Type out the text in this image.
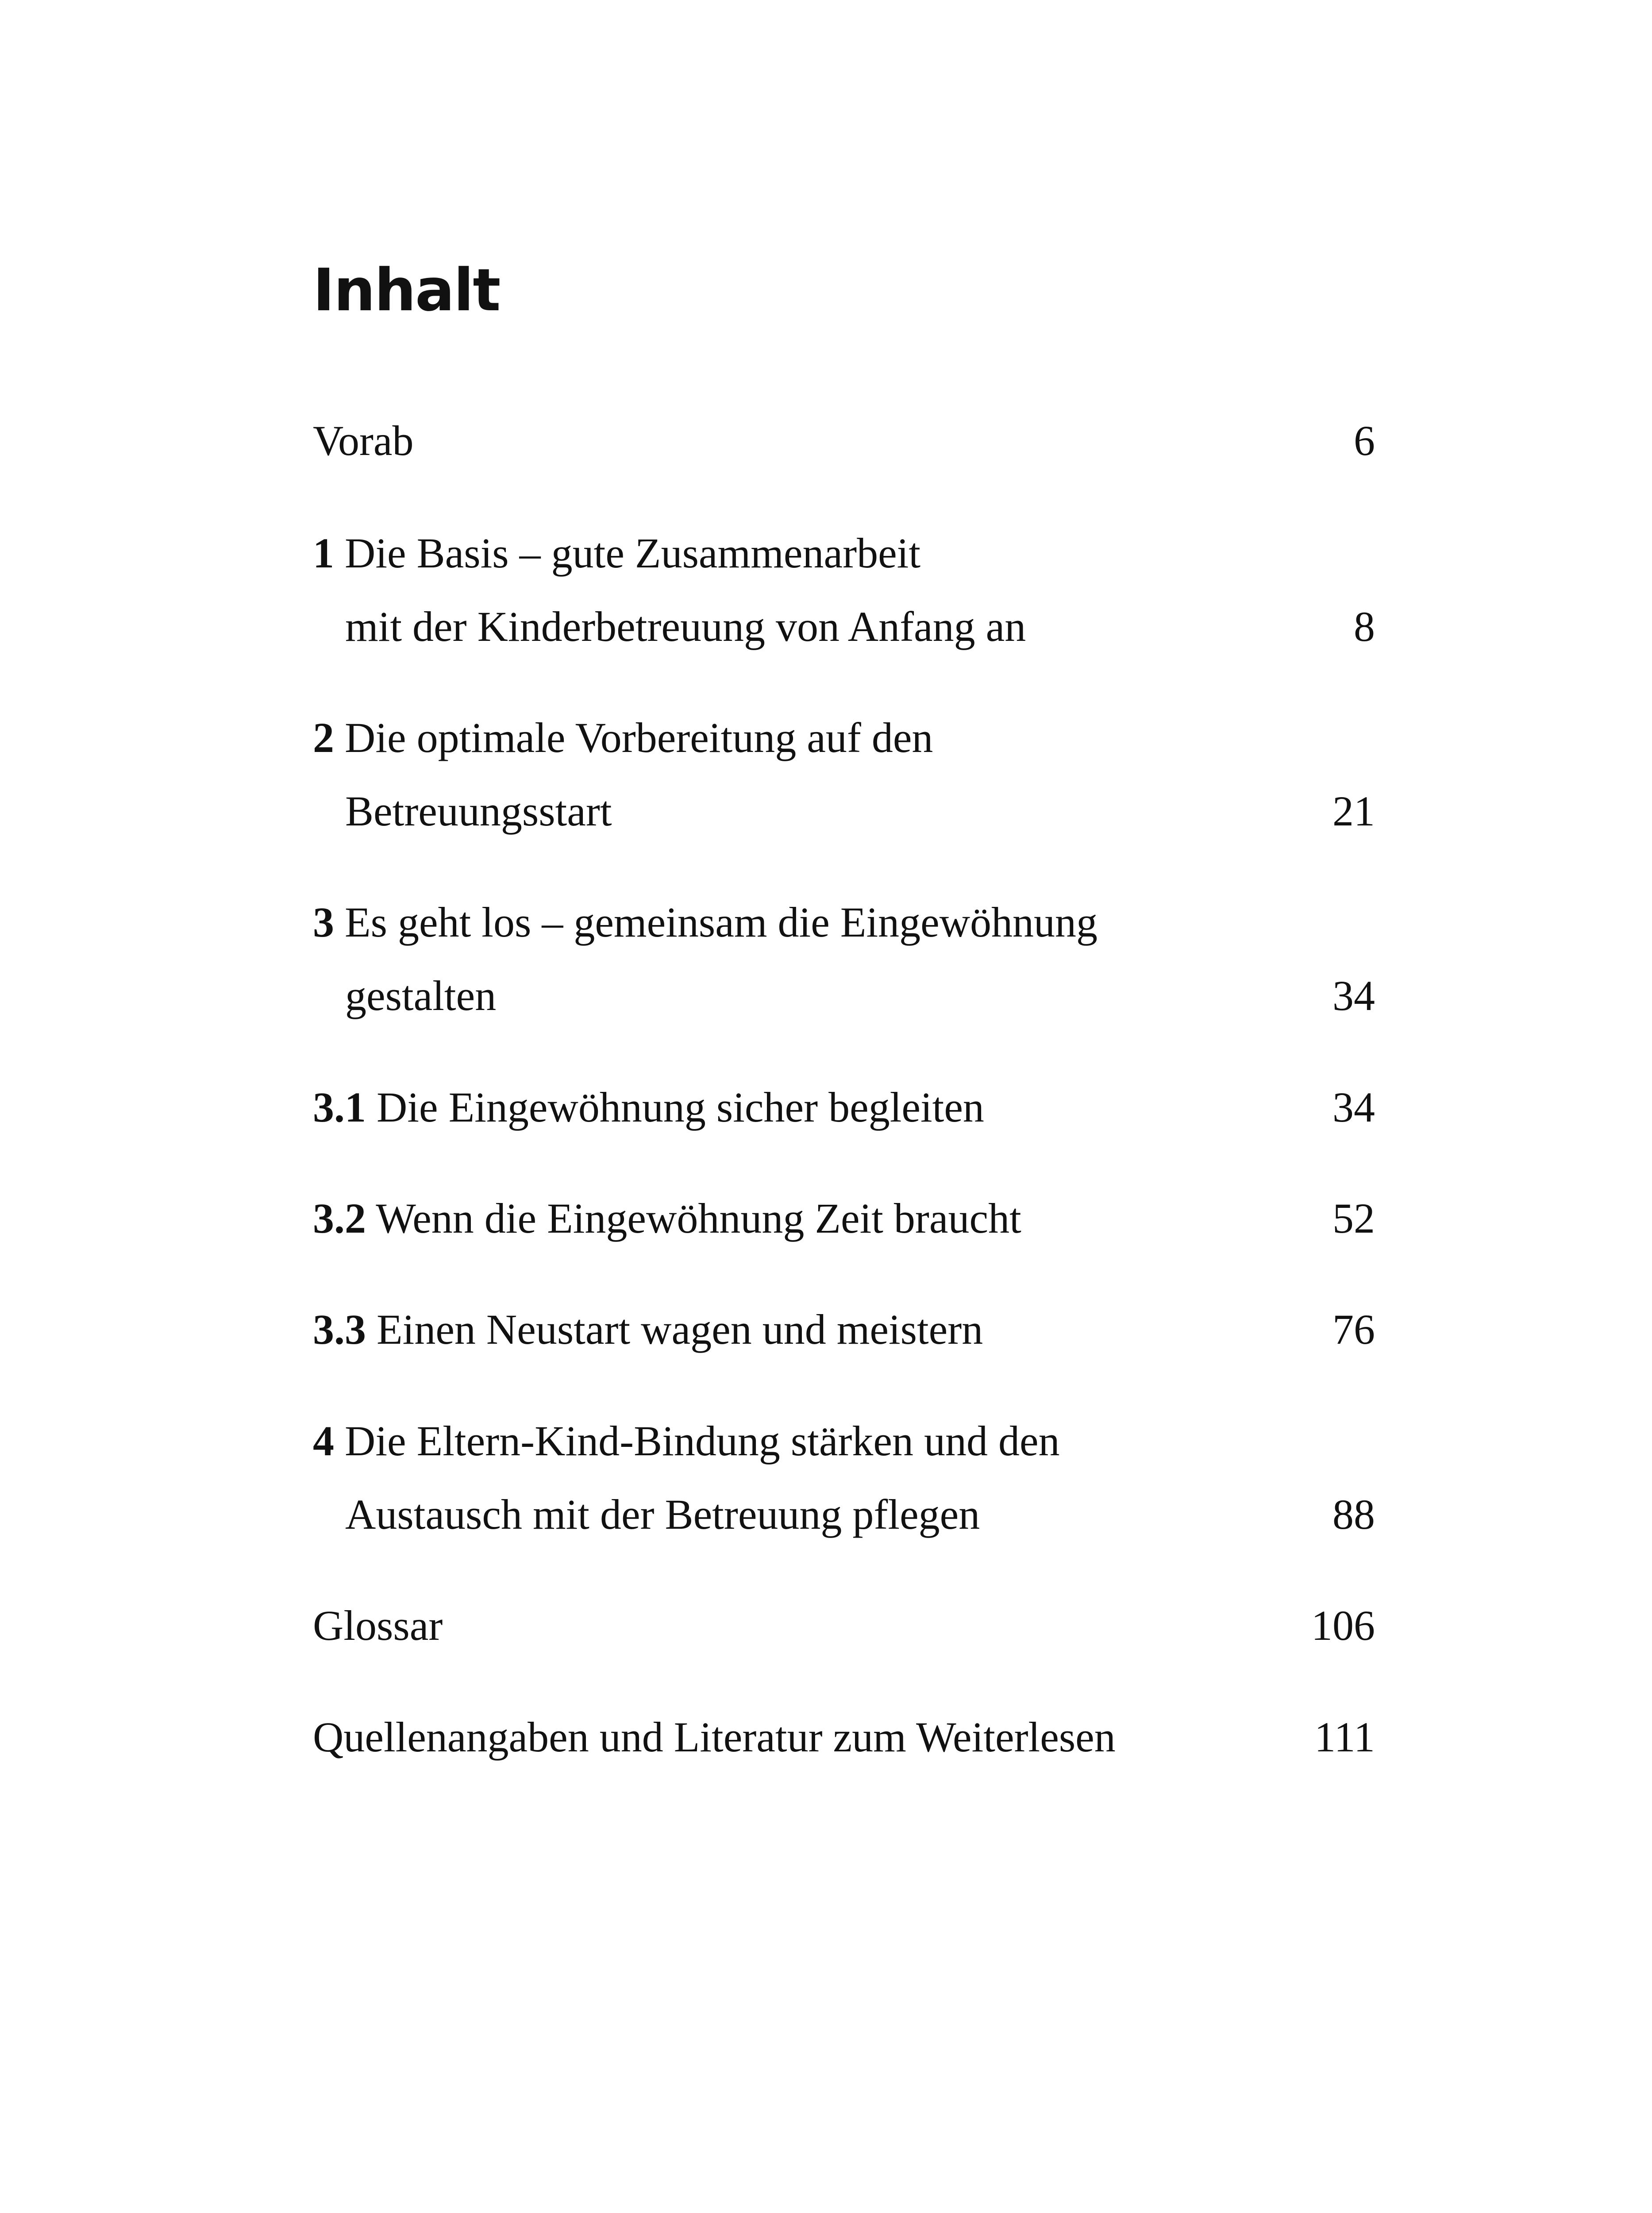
Inhalt
Vorab	6
1 Die Basis – gute Zusammenarbeit
mit der Kinderbetreuung von Anfang an	8
2 Die optimale Vorbereitung auf den
Betreuungsstart	21
3 Es geht los – gemeinsam die Eingewöhnung
gestalten	34
3.1 Die Eingewöhnung sicher begleiten	34
3.2 Wenn die Eingewöhnung Zeit braucht	52
3.3 Einen Neustart wagen und meistern	76
4 Die Eltern-Kind-Bindung stärken und den
Austausch mit der Betreuung pflegen	88
Glossar	106
Quellenangaben und Literatur zum Weiterlesen	111
